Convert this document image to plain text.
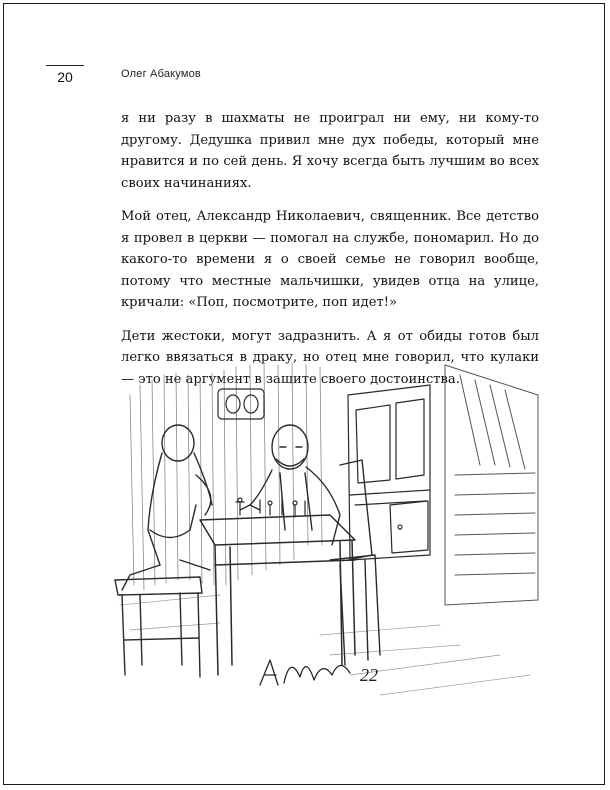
20	Олег Абакумов

я ни разу в шахматы не проиграл ни ему, ни кому-то другому. Дедушка привил мне дух победы, который мне нравится и по сей день. Я хочу всегда быть лучшим во всех своих начинаниях.

Мой отец, Александр Николаевич, священник. Все детство я провел в церкви — помогал на службе, пономарил. Но до какого-то времени я о своей семье не говорил вообще, потому что местные мальчишки, увидев отца на улице, кричали: «Поп, посмотрите, поп идет!»

Дети жестоки, могут задразнить. А я от обиды готов был легко ввязаться в драку, но отец мне говорил, что кулаки — это не аргумент в защите своего достоинства.

22
